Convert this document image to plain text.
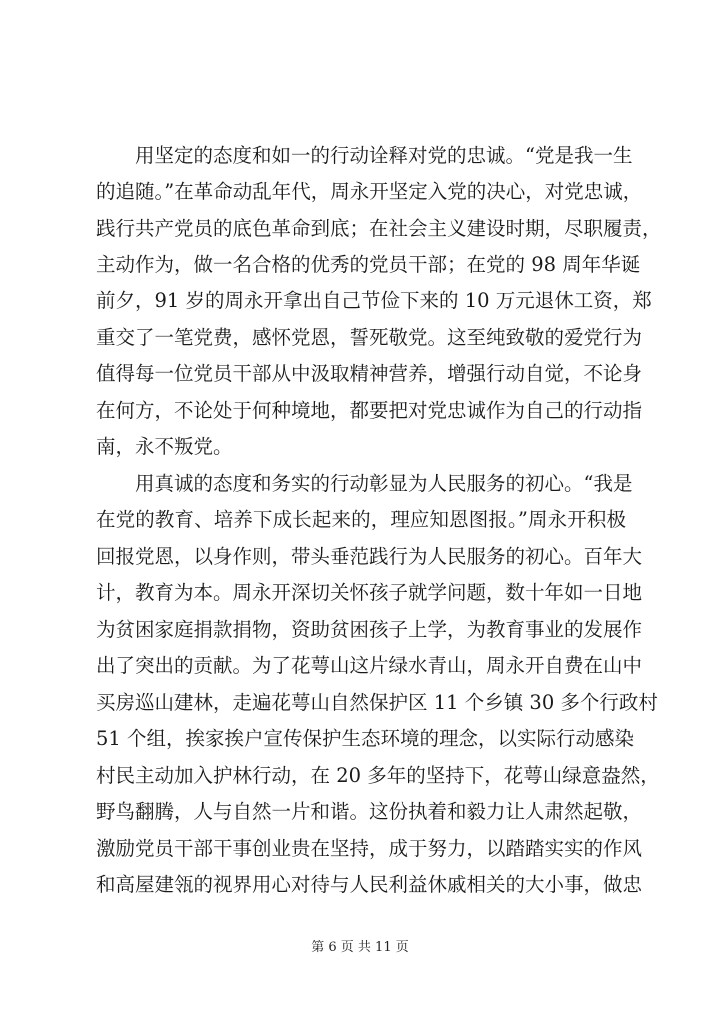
用坚定的态度和如一的行动诠释对党的忠诚。“党是我一生
的追随。”在革命动乱年代，周永开坚定入党的决心，对党忠诚，
践行共产党员的底色革命到底；在社会主义建设时期，尽职履责，
主动作为，做一名合格的优秀的党员干部；在党的 98 周年华诞
前夕，91 岁的周永开拿出自己节俭下来的 10 万元退休工资，郑
重交了一笔党费，感怀党恩，誓死敬党。这至纯致敬的爱党行为
值得每一位党员干部从中汲取精神营养，增强行动自觉，不论身
在何方，不论处于何种境地，都要把对党忠诚作为自己的行动指
南，永不叛党。
用真诚的态度和务实的行动彰显为人民服务的初心。“我是
在党的教育、培养下成长起来的，理应知恩图报。”周永开积极
回报党恩，以身作则，带头垂范践行为人民服务的初心。百年大
计，教育为本。周永开深切关怀孩子就学问题，数十年如一日地
为贫困家庭捐款捐物，资助贫困孩子上学，为教育事业的发展作
出了突出的贡献。为了花萼山这片绿水青山，周永开自费在山中
买房巡山建林，走遍花萼山自然保护区 11 个乡镇 30 多个行政村
51 个组，挨家挨户宣传保护生态环境的理念，以实际行动感染
村民主动加入护林行动，在 20 多年的坚持下，花萼山绿意盎然，
野鸟翻腾，人与自然一片和谐。这份执着和毅力让人肃然起敬，
激励党员干部干事创业贵在坚持，成于努力，以踏踏实实的作风
和高屋建瓴的视界用心对待与人民利益休戚相关的大小事，做忠
第 6 页 共 11 页
